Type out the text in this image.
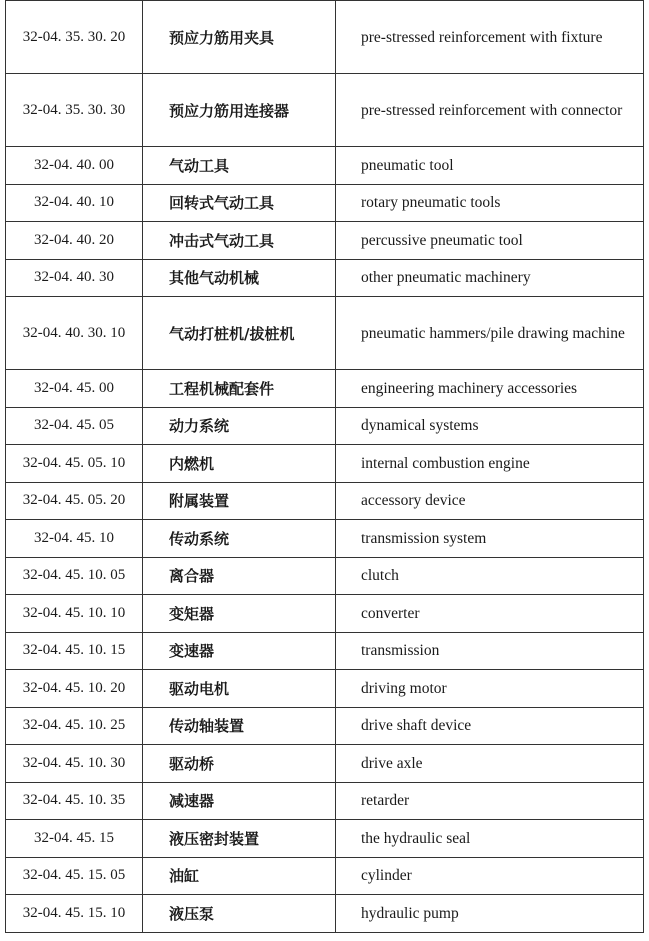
32-04. 35. 30. 20	预应力筋用夹具	pre-stressed reinforcement with fixture
32-04. 35. 30. 30	预应力筋用连接器	pre-stressed reinforcement with connector
32-04. 40. 00	气动工具	pneumatic tool
32-04. 40. 10	回转式气动工具	rotary pneumatic tools
32-04. 40. 20	冲击式气动工具	percussive pneumatic tool
32-04. 40. 30	其他气动机械	other pneumatic machinery
32-04. 40. 30. 10	气动打桩机/拔桩机	pneumatic hammers/pile drawing machine
32-04. 45. 00	工程机械配套件	engineering machinery accessories
32-04. 45. 05	动力系统	dynamical systems
32-04. 45. 05. 10	内燃机	internal combustion engine
32-04. 45. 05. 20	附属装置	accessory device
32-04. 45. 10	传动系统	transmission system
32-04. 45. 10. 05	离合器	clutch
32-04. 45. 10. 10	变矩器	converter
32-04. 45. 10. 15	变速器	transmission
32-04. 45. 10. 20	驱动电机	driving motor
32-04. 45. 10. 25	传动轴装置	drive shaft device
32-04. 45. 10. 30	驱动桥	drive axle
32-04. 45. 10. 35	减速器	retarder
32-04. 45. 15	液压密封装置	the hydraulic seal
32-04. 45. 15. 05	油缸	cylinder
32-04. 45. 15. 10	液压泵	hydraulic pump
